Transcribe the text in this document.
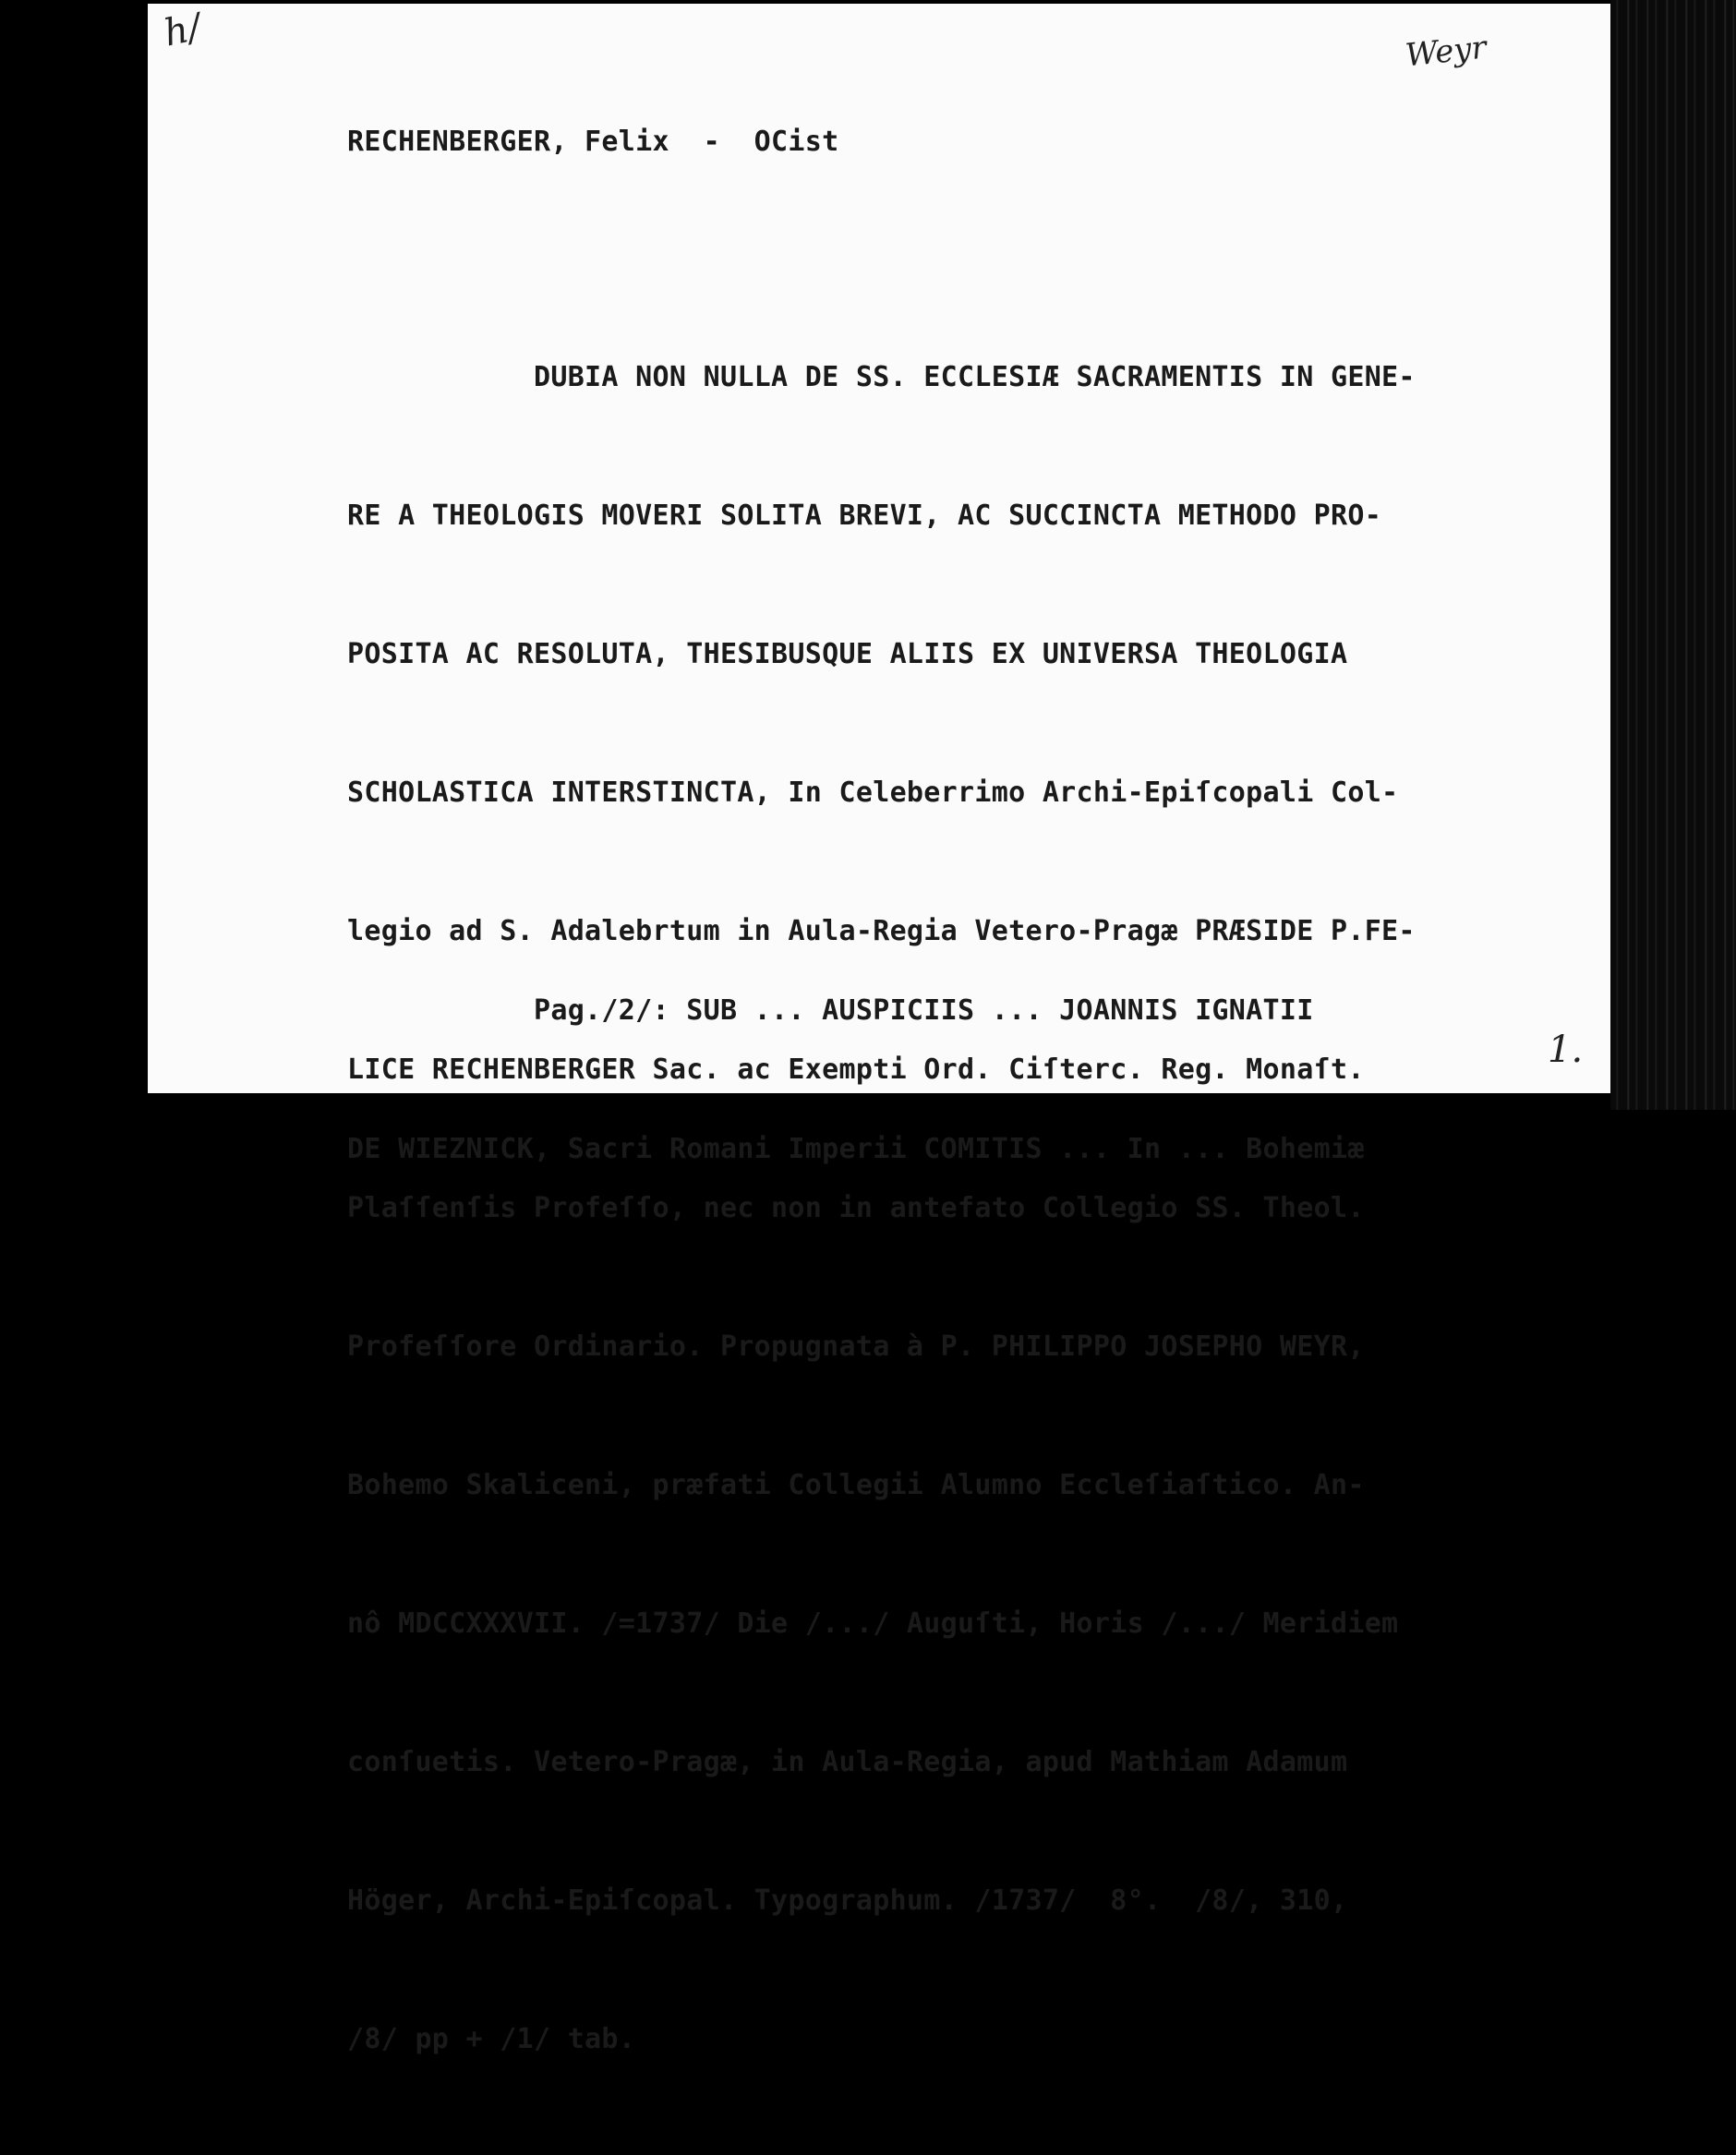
h/	Weyr
RECHENBERGER, Felix  -  OCist

DUBIA NON NULLA DE SS. ECCLESIÆ SACRAMENTIS IN GENE-

RE A THEOLOGIS MOVERI SOLITA BREVI, AC SUCCINCTA METHODO PRO-

POSITA AC RESOLUTA, THESIBUSQUE ALIIS EX UNIVERSA THEOLOGIA

SCHOLASTICA INTERSTINCTA, In Celeberrimo Archi-Epiſcopali Col-

legio ad S. Adalebrtum in Aula-Regia Vetero-Pragæ PRÆSIDE P.FE-

LICE RECHENBERGER Sac. ac Exempti Ord. Ciſterc. Reg. Monaſt.

Plaſſenſis Profeſſo, nec non in antefato Collegio SS. Theol.

Profeſſore Ordinario. Propugnata à P. PHILIPPO JOSEPHO WEYR,

Bohemo Skaliceni, præfati Collegii Alumno Eccleſiaſtico. An-

nô MDCCXXXVII. /=1737/ Die /.../ Auguſti, Horis /.../ Meridiem

conſuetis. Vetero-Pragæ, in Aula-Regia, apud Mathiam Adamum

Höger, Archi-Epiſcopal. Typographum. /1737/  8°.  /8/, 310,

/8/ pp + /1/ tab.

Pag./2/: SUB ... AUSPICIIS ... JOANNIS IGNATII

DE WIEZNICK, Sacri Romani Imperii COMITIS ... In ... Bohemiæ

1.
